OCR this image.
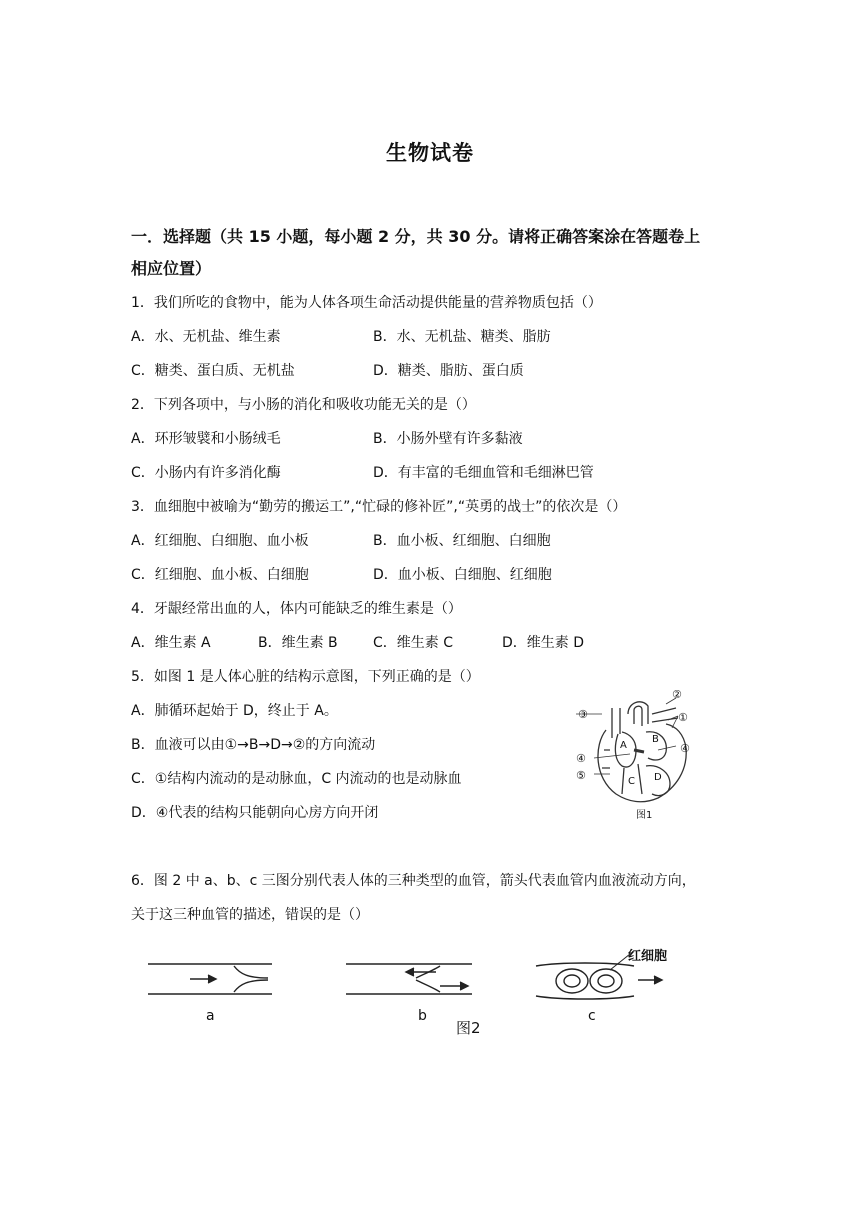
生物试卷
一．选择题（共 15 小题，每小题 2 分，共 30 分。请将正确答案涂在答题卷上
相应位置）
1．我们所吃的食物中，能为人体各项生命活动提供能量的营养物质包括（）
A．水、无机盐、维生素	B．水、无机盐、糖类、脂肪
C．糖类、蛋白质、无机盐	D．糖类、脂肪、蛋白质
2．下列各项中，与小肠的消化和吸收功能无关的是（）
A．环形皱襞和小肠绒毛	B．小肠外壁有许多黏液
C．小肠内有许多消化酶	D．有丰富的毛细血管和毛细淋巴管
3．血细胞中被喻为“勤劳的搬运工”,“忙碌的修补匠”,“英勇的战士”的依次是（）
A．红细胞、白细胞、血小板	B．血小板、红细胞、白细胞
C．红细胞、血小板、白细胞	D．血小板、白细胞、红细胞
4．牙龈经常出血的人，体内可能缺乏的维生素是（）
A．维生素 A	B．维生素 B	C．维生素 C	D．维生素 D
5．如图 1 是人体心脏的结构示意图，下列正确的是（）
A．肺循环起始于 D，终止于 A。
B．血液可以由①→B→D→②的方向流动
C．①结构内流动的是动脉血，C 内流动的也是动脉血
D．④代表的结构只能朝向心房方向开闭
②
①
③
④
④
⑤
A
B
C D
图1
6．图 2 中 a、b、c 三图分别代表人体的三种类型的血管，箭头代表血管内血液流动方向，
关于这三种血管的描述，错误的是（）
a	b	c
红细胞
图2
